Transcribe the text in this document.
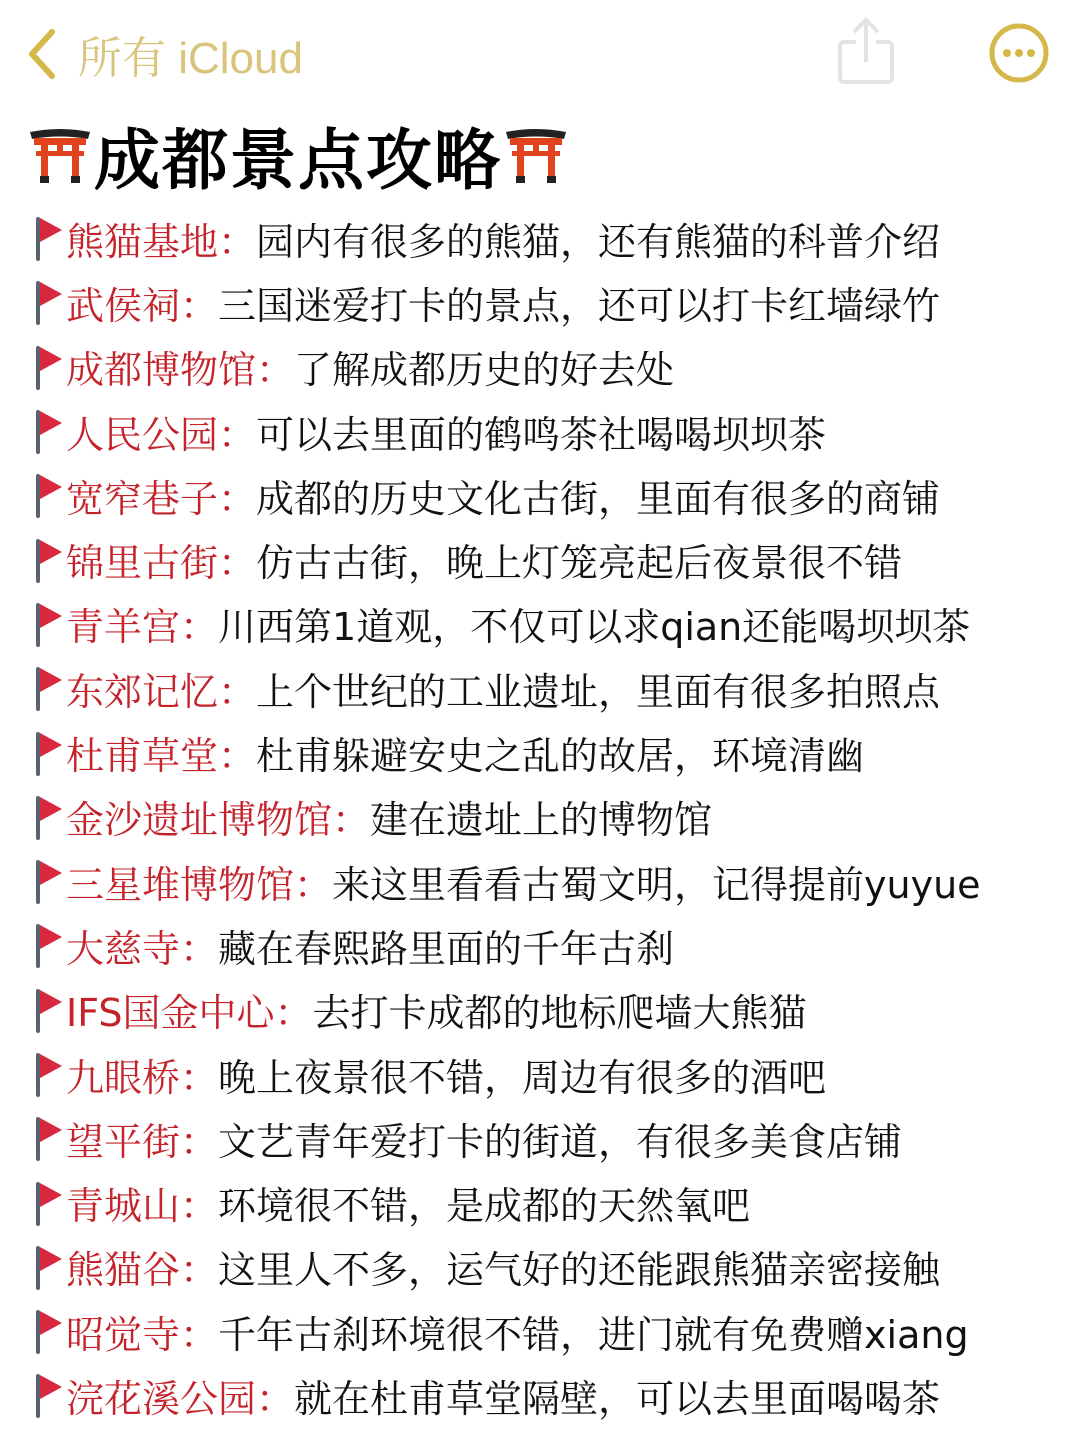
所有 iCloud
成都景点攻略
熊猫基地 ： 园内有很多的熊猫，还有熊猫的科普介绍
武侯祠 ： 三国迷爱打卡的景点，还可以打卡红墙绿竹
成都博物馆 ： 了解成都历史的好去处
人民公园 ： 可以去里面的鹤鸣茶社喝喝坝坝茶
宽窄巷子 ： 成都的历史文化古街，里面有很多的商铺
锦里古街 ： 仿古古街，晚上灯笼亮起后夜景很不错
青羊宫 ： 川西第1道观，不仅可以求qian还能喝坝坝茶
东郊记忆 ： 上个世纪的工业遗址，里面有很多拍照点
杜甫草堂 ： 杜甫躲避安史之乱的故居，环境清幽
金沙遗址博物馆 ： 建在遗址上的博物馆
三星堆博物馆 ： 来这里看看古蜀文明，记得提前yuyue
大慈寺 ： 藏在春熙路里面的千年古刹
IFS国金中心 ： 去打卡成都的地标爬墙大熊猫
九眼桥 ： 晚上夜景很不错，周边有很多的酒吧
望平街 ： 文艺青年爱打卡的街道，有很多美食店铺
青城山 ： 环境很不错，是成都的天然氧吧
熊猫谷 ： 这里人不多，运气好的还能跟熊猫亲密接触
昭觉寺 ： 千年古刹环境很不错，进门就有免费赠xiang
浣花溪公园 ： 就在杜甫草堂隔壁，可以去里面喝喝茶
